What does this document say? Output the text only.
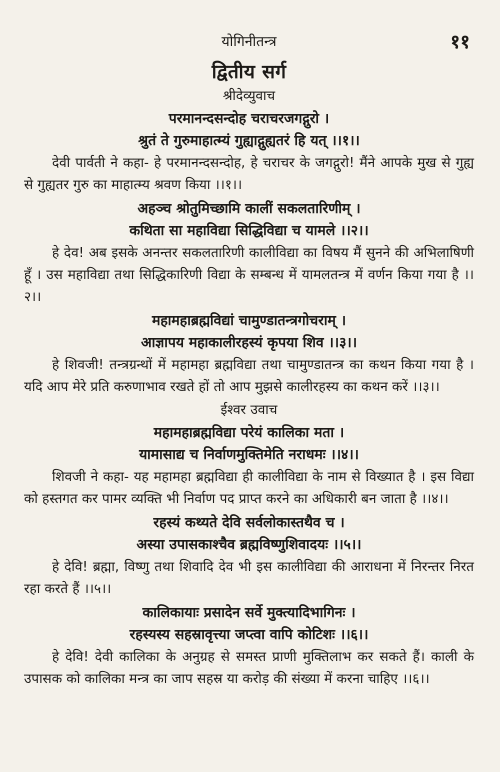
योगिनीतन्त्र	११
द्वितीय सर्ग
श्रीदेव्युवाच
परमानन्दसन्दोह चराचरजगद्गुरो ।
श्रुतं ते गुरुमाहात्म्यं गुह्याद्गुह्यतरं हि यत् ।।१।।

देवी पार्वती ने कहा- हे परमानन्दसन्दोह, हे चराचर के जगद्गुरो! मैंने आपके मुख से गुह्य से गुह्यतर गुरु का माहात्म्य श्रवण किया ।।१।।

अहञ्च श्रोतुमिच्छामि कालीं सकलतारिणीम् ।
कथिता सा महाविद्या सिद्धिविद्या च यामले ।।२।।

हे देव! अब इसके अनन्तर सकलतारिणी कालीविद्या का विषय मैं सुनने की अभिलाषिणी हूँ । उस महाविद्या तथा सिद्धिकारिणी विद्या के सम्बन्ध में यामलतन्त्र में वर्णन किया गया है ।।२।।

महामहाब्रह्मविद्यां चामुण्डातन्त्रगोचराम् ।
आज्ञापय महाकालीरहस्यं कृपया शिव ।।३।।

हे शिवजी! तन्त्रग्रन्थों में महामहा ब्रह्मविद्या तथा चामुण्डातन्त्र का कथन किया गया है । यदि आप मेरे प्रति करुणाभाव रखते हों तो आप मुझसे कालीरहस्य का कथन करें ।।३।।

ईश्वर उवाच
महामहाब्रह्मविद्या परेयं कालिका मता ।
यामासाद्य च निर्वाणमुक्तिमेति नराधमः ।।४।।

शिवजी ने कहा- यह महामहा ब्रह्मविद्या ही कालीविद्या के नाम से विख्यात है । इस विद्या को हस्तगत कर पामर व्यक्ति भी निर्वाण पद प्राप्त करने का अधिकारी बन जाता है ।।४।।

रहस्यं कथ्यते देवि सर्वलोकास्तथैव च ।
अस्या उपासकाश्चैव ब्रह्मविष्णुशिवादयः ।।५।।

हे देवि! ब्रह्मा, विष्णु तथा शिवादि देव भी इस कालीविद्या की आराधना में निरन्तर निरत रहा करते हैं ।।५।।

कालिकायाः प्रसादेन सर्वे मुक्त्यादिभागिनः ।
रहस्यस्य सहस्रावृत्त्या जप्त्वा वापि कोटिशः ।।६।।

हे देवि! देवी कालिका के अनुग्रह से समस्त प्राणी मुक्तिलाभ कर सकते हैं। काली के उपासक को कालिका मन्त्र का जाप सहस्र या करोड़ की संख्या में करना चाहिए ।।६।।
